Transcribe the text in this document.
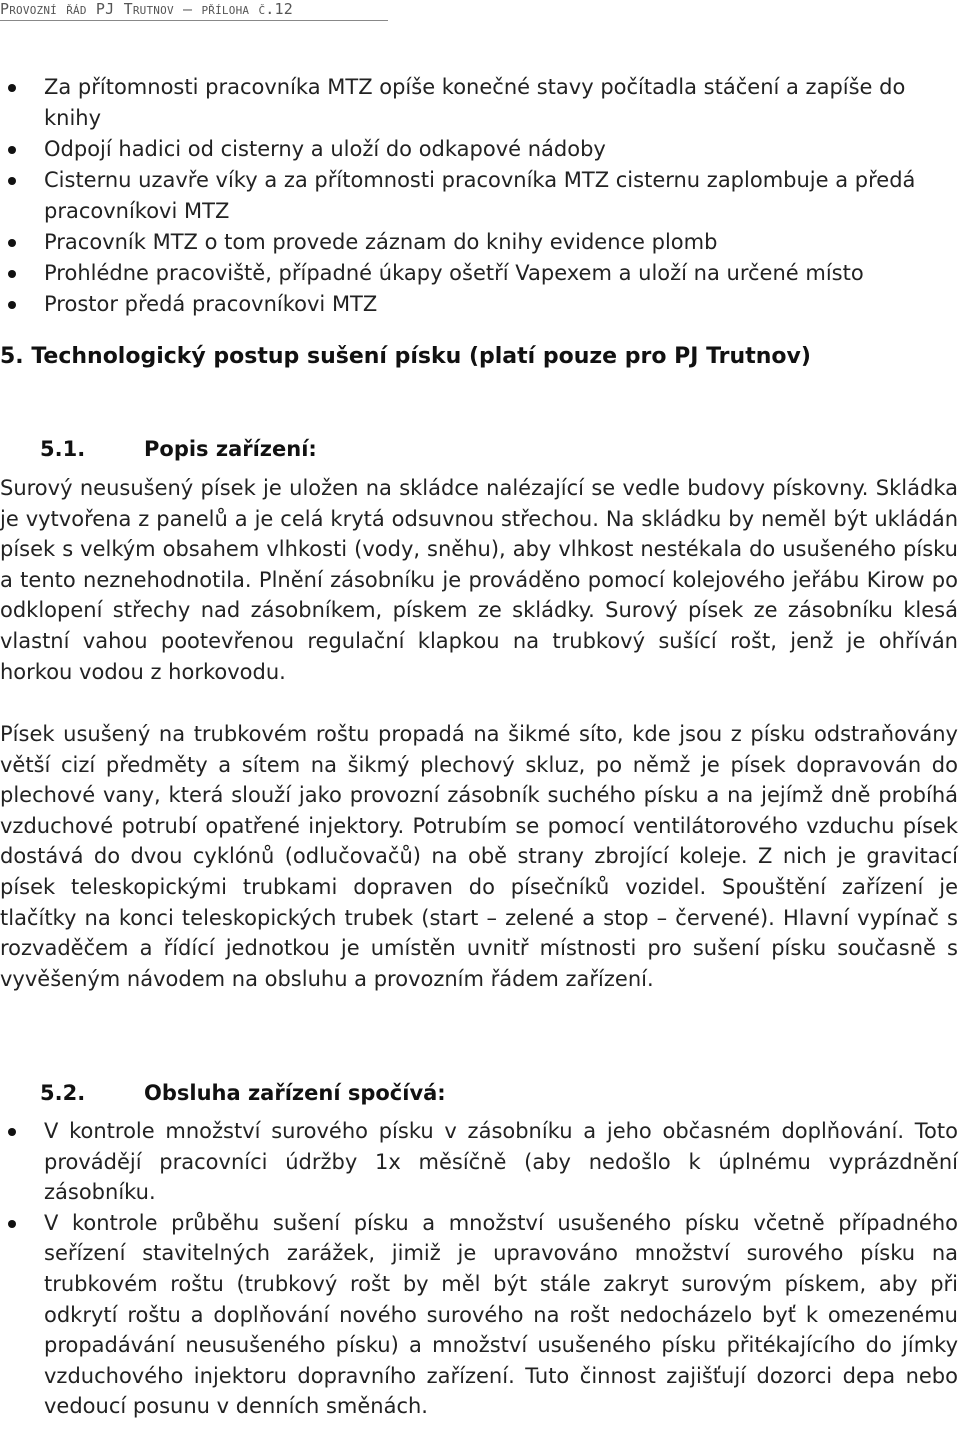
Provozní řád PJ Trutnov – příloha č.12
Za přítomnosti pracovníka MTZ opíše konečné stavy počítadla stáčení a zapíše do knihy
Odpojí hadici od cisterny a uloží do odkapové nádoby
Cisternu uzavře víky a za přítomnosti pracovníka MTZ cisternu zaplombuje a předá pracovníkovi MTZ
Pracovník MTZ o tom provede záznam do knihy evidence plomb
Prohlédne pracoviště, případné úkapy ošetří Vapexem a uloží na určené místo
Prostor předá pracovníkovi MTZ
5. Technologický postup sušení písku (platí pouze pro PJ Trutnov)
5.1.	Popis zařízení:

Surový neusušený písek je uložen na skládce nalézající se vedle budovy pískovny. Skládka je vytvořena z panelů a je celá krytá odsuvnou střechou. Na skládku by neměl být ukládán písek s velkým obsahem vlhkosti (vody, sněhu), aby vlhkost nestékala do usušeného písku a tento neznehodnotila. Plnění zásobníku je prováděno pomocí kolejového jeřábu Kirow po odklopení střechy nad zásobníkem, pískem ze skládky. Surový písek ze zásobníku klesá vlastní vahou pootevřenou regulační klapkou na trubkový sušící rošt, jenž je ohříván horkou vodou z horkovodu.

Písek usušený na trubkovém roštu propadá na šikmé síto, kde jsou z písku odstraňovány větší cizí předměty a sítem na šikmý plechový skluz, po němž je písek dopravován do plechové vany, která slouží jako provozní zásobník suchého písku a na jejímž dně probíhá vzduchové potrubí opatřené injektory. Potrubím se pomocí ventilátorového vzduchu písek dostává do dvou cyklónů (odlučovačů) na obě strany zbrojící koleje. Z nich je gravitací písek teleskopickými trubkami dopraven do písečníků vozidel. Spouštění zařízení je tlačítky na konci teleskopických trubek (start – zelené a stop – červené). Hlavní vypínač s rozvaděčem a řídící jednotkou je umístěn uvnitř místnosti pro sušení písku současně s vyvěšeným návodem na obsluhu a provozním řádem zařízení.

5.2.	Obsluha zařízení spočívá:
V kontrole množství surového písku v zásobníku a jeho občasném doplňování. Toto provádějí pracovníci údržby 1x měsíčně (aby nedošlo k úplnému vyprázdnění zásobníku.
V kontrole průběhu sušení písku a množství usušeného písku včetně případného seřízení stavitelných zarážek, jimiž je upravováno množství surového písku na trubkovém roštu (trubkový rošt by měl být stále zakryt surovým pískem, aby při odkrytí roštu a doplňování nového surového na rošt nedocházelo byť k omezenému propadávání neusušeného písku) a množství usušeného písku přitékajícího do jímky vzduchového injektoru dopravního zařízení. Tuto činnost zajišťují dozorci depa nebo vedoucí posunu v denních směnách.
